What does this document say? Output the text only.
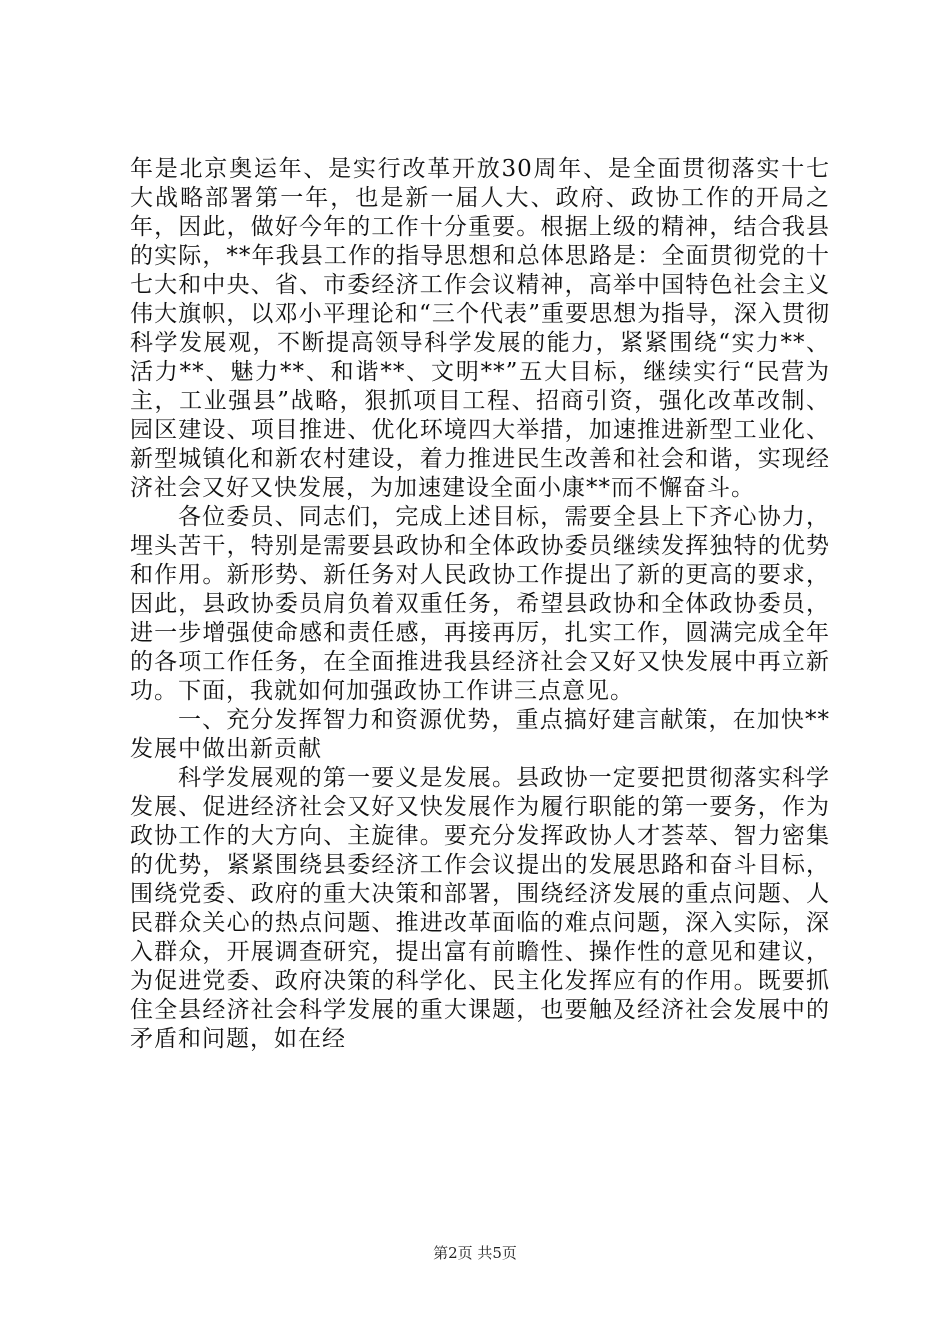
年是北京奥运年、是实行改革开放30周年、是全面贯彻落实十七大战略部署第一年，也是新一届人大、政府、政协工作的开局之年，因此，做好今年的工作十分重要。根据上级的精神，结合我县的实际，**年我县工作的指导思想和总体思路是：全面贯彻党的十七大和中央、省、市委经济工作会议精神，高举中国特色社会主义伟大旗帜，以邓小平理论和“三个代表”重要思想为指导，深入贯彻科学发展观，不断提高领导科学发展的能力，紧紧围绕“实力**、活力**、魅力**、和谐**、文明**”五大目标，继续实行“民营为主，工业强县”战略，狠抓项目工程、招商引资，强化改革改制、园区建设、项目推进、优化环境四大举措，加速推进新型工业化、新型城镇化和新农村建设，着力推进民生改善和社会和谐，实现经济社会又好又快发展，为加速建设全面小康**而不懈奋斗。

各位委员、同志们，完成上述目标，需要全县上下齐心协力，埋头苦干，特别是需要县政协和全体政协委员继续发挥独特的优势和作用。新形势、新任务对人民政协工作提出了新的更高的要求，因此，县政协委员肩负着双重任务，希望县政协和全体政协委员，进一步增强使命感和责任感，再接再厉，扎实工作，圆满完成全年的各项工作任务，在全面推进我县经济社会又好又快发展中再立新功。下面，我就如何加强政协工作讲三点意见。

一、充分发挥智力和资源优势，重点搞好建言献策，在加快**发展中做出新贡献

科学发展观的第一要义是发展。县政协一定要把贯彻落实科学发展、促进经济社会又好又快发展作为履行职能的第一要务，作为政协工作的大方向、主旋律。要充分发挥政协人才荟萃、智力密集的优势，紧紧围绕县委经济工作会议提出的发展思路和奋斗目标，围绕党委、政府的重大决策和部署，围绕经济发展的重点问题、人民群众关心的热点问题、推进改革面临的难点问题，深入实际，深入群众，开展调查研究，提出富有前瞻性、操作性的意见和建议，为促进党委、政府决策的科学化、民主化发挥应有的作用。既要抓住全县经济社会科学发展的重大课题，也要触及经济社会发展中的矛盾和问题，如在经

第2页 共5页
